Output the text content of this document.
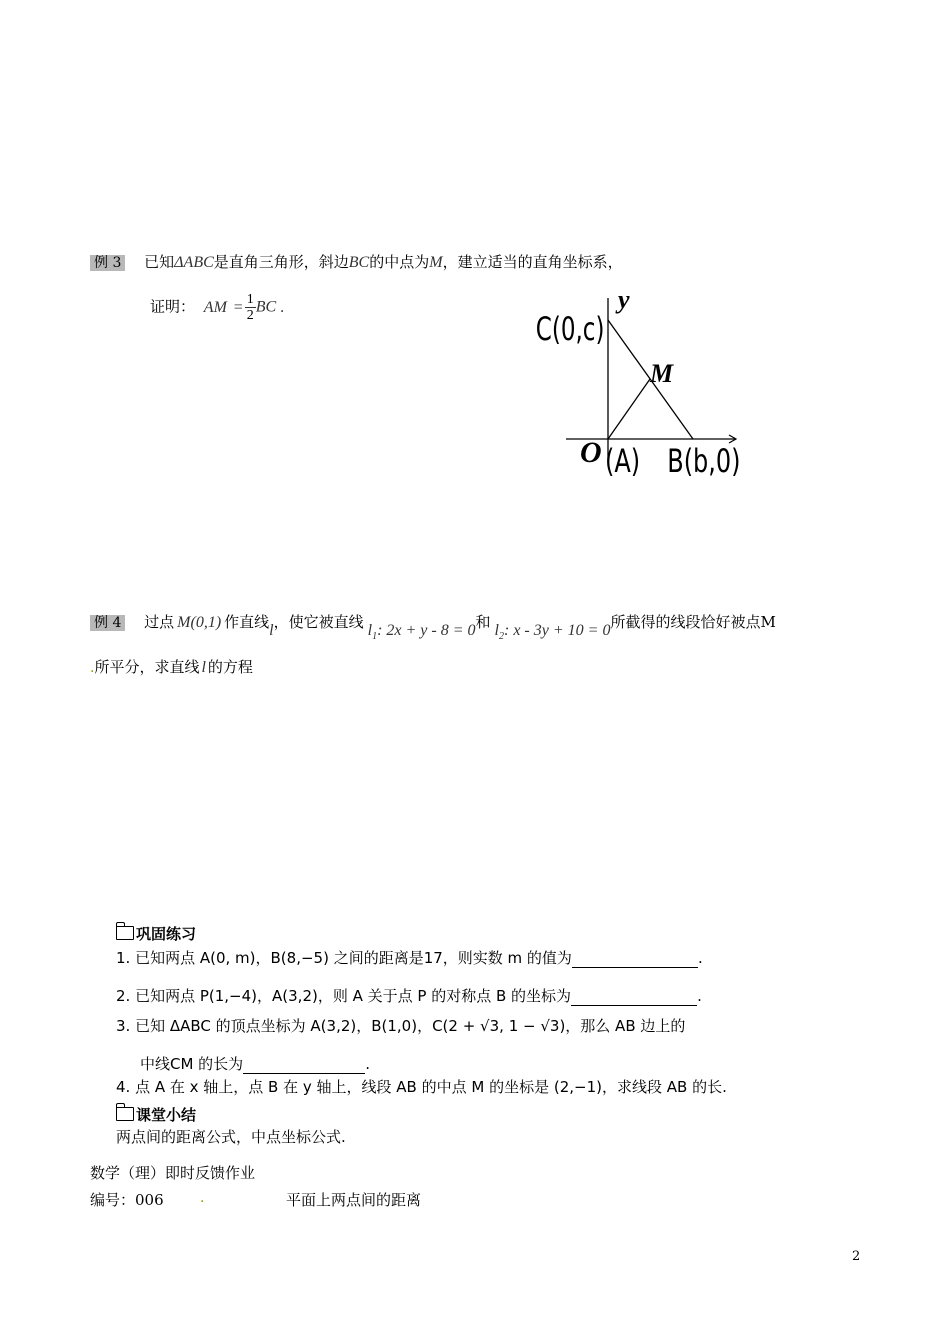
例 3 已知ΔABC是直角三角形，斜边BC的中点为M，建立适当的直角坐标系，
证明： AM = $\frac{1}{2}$ BC .
C(0,c)
y
M
O (A) B(b,0)
例 4 过点 M(0,1) 作直线l，使它被直线 $l_1$: 2x + y - 8 = 0和 $l_2$: x - 3y + 10 = 0所截得的线段恰好被点M
.所平分，求直线 l 的方程
巩固练习
1. 已知两点 A(0, m)，B(8,−5) 之间的距离是17，则实数 m 的值为	.
2. 已知两点 P(1,−4)，A(3,2)，则 A 关于点 P 的对称点 B 的坐标为	.
3. 已知 ΔABC 的顶点坐标为 A(3,2)，B(1,0)，C(2 + √3, 1 − √3)，那么 AB 边上的
中线CM 的长为	.
4. 点 A 在 x 轴上，点 B 在 y 轴上，线段 AB 的中点 M 的坐标是 (2,−1)，求线段 AB 的长.
课堂小结
两点间的距离公式，中点坐标公式.
数学（理）即时反馈作业
编号：006	.	平面上两点间的距离
2
